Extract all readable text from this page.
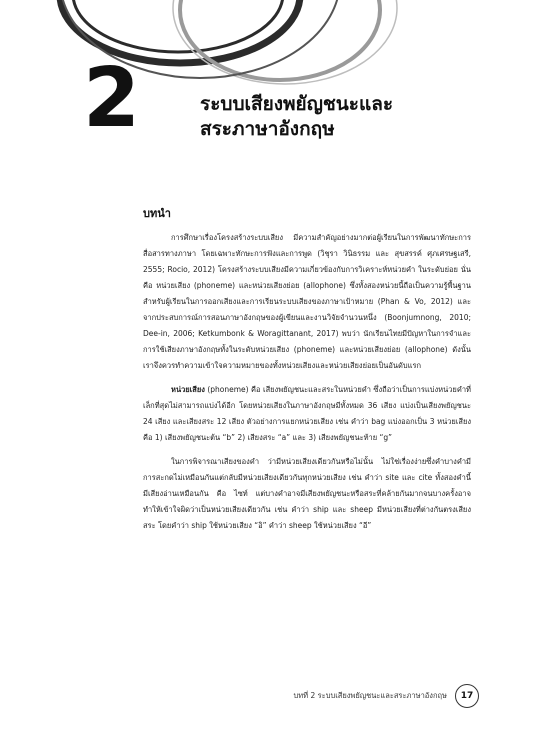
2	ระบบเสียงพยัญชนะและ
สระภาษาอังกฤษ
บทนำ

การศึกษาเรื่องโครงสร้างระบบเสียง มีความสำคัญอย่างมากต่อผู้เรียนในการพัฒนาทักษะการสื่อสารทางภาษา โดยเฉพาะทักษะการฟังและการพูด (วิชุรา วินิธรรม และ สุขสรรค์ ศุภเศรษฐเสรี, 2555; Rocio, 2012) โครงสร้างระบบเสียงมีความเกี่ยวข้องกับการวิเคราะห์หน่วยคำ ในระดับย่อย นั่นคือ หน่วยเสียง (phoneme) และหน่วยเสียงย่อย (allophone) ซึ่งทั้งสองหน่วยนี้ถือเป็นความรู้พื้นฐานสำหรับผู้เรียนในการออกเสียงและการเรียนระบบเสียงของภาษาเป้าหมาย (Phan & Vo, 2012) และจากประสบการณ์การสอนภาษาอังกฤษของผู้เขียนและงานวิจัยจำนวนหนึ่ง (Boonjumnong, 2010; Dee-in, 2006; Ketkumbonk & Woragittanant, 2017) พบว่า นักเรียนไทยมีปัญหาในการจำและการใช้เสียงภาษาอังกฤษทั้งในระดับหน่วยเสียง (phoneme) และหน่วยเสียงย่อย (allophone) ดังนั้น เราจึงควรทำความเข้าใจความหมายของทั้งหน่วยเสียงและหน่วยเสียงย่อยเป็นอันดับแรก

หน่วยเสียง (phoneme) คือ เสียงพยัญชนะและสระในหน่วยคำ ซึ่งถือว่าเป็นการแบ่งหน่วยคำที่เล็กที่สุดไม่สามารถแบ่งได้อีก โดยหน่วยเสียงในภาษาอังกฤษมีทั้งหมด 36 เสียง แบ่งเป็นเสียงพยัญชนะ 24 เสียง และเสียงสระ 12 เสียง ตัวอย่างการแยกหน่วยเสียง เช่น คำว่า bag แบ่งออกเป็น 3 หน่วยเสียง คือ 1) เสียงพยัญชนะต้น “b” 2) เสียงสระ “a” และ 3) เสียงพยัญชนะท้าย “g”

ในการพิจารณาเสียงของคำ ว่ามีหน่วยเสียงเดียวกันหรือไม่นั้น ไม่ใช่เรื่องง่ายซึ่งคำบางคำมีการสะกดไม่เหมือนกันแต่กลับมีหน่วยเสียงเดียวกันทุกหน่วยเสียง เช่น คำว่า site และ cite ทั้งสองคำนี้มีเสียงอ่านเหมือนกัน คือ ไซท์ แต่บางคำอาจมีเสียงพยัญชนะหรือสระที่คล้ายกันมากจนบางครั้งอาจทำให้เข้าใจผิดว่าเป็นหน่วยเสียงเดียวกัน เช่น คำว่า ship และ sheep มีหน่วยเสียงที่ต่างกันตรงเสียงสระ โดยคำว่า ship ใช้หน่วยเสียง “อิ” คำว่า sheep ใช้หน่วยเสียง “อี”

บทที่ 2 ระบบเสียงพยัญชนะและสระภาษาอังกฤษ	17
